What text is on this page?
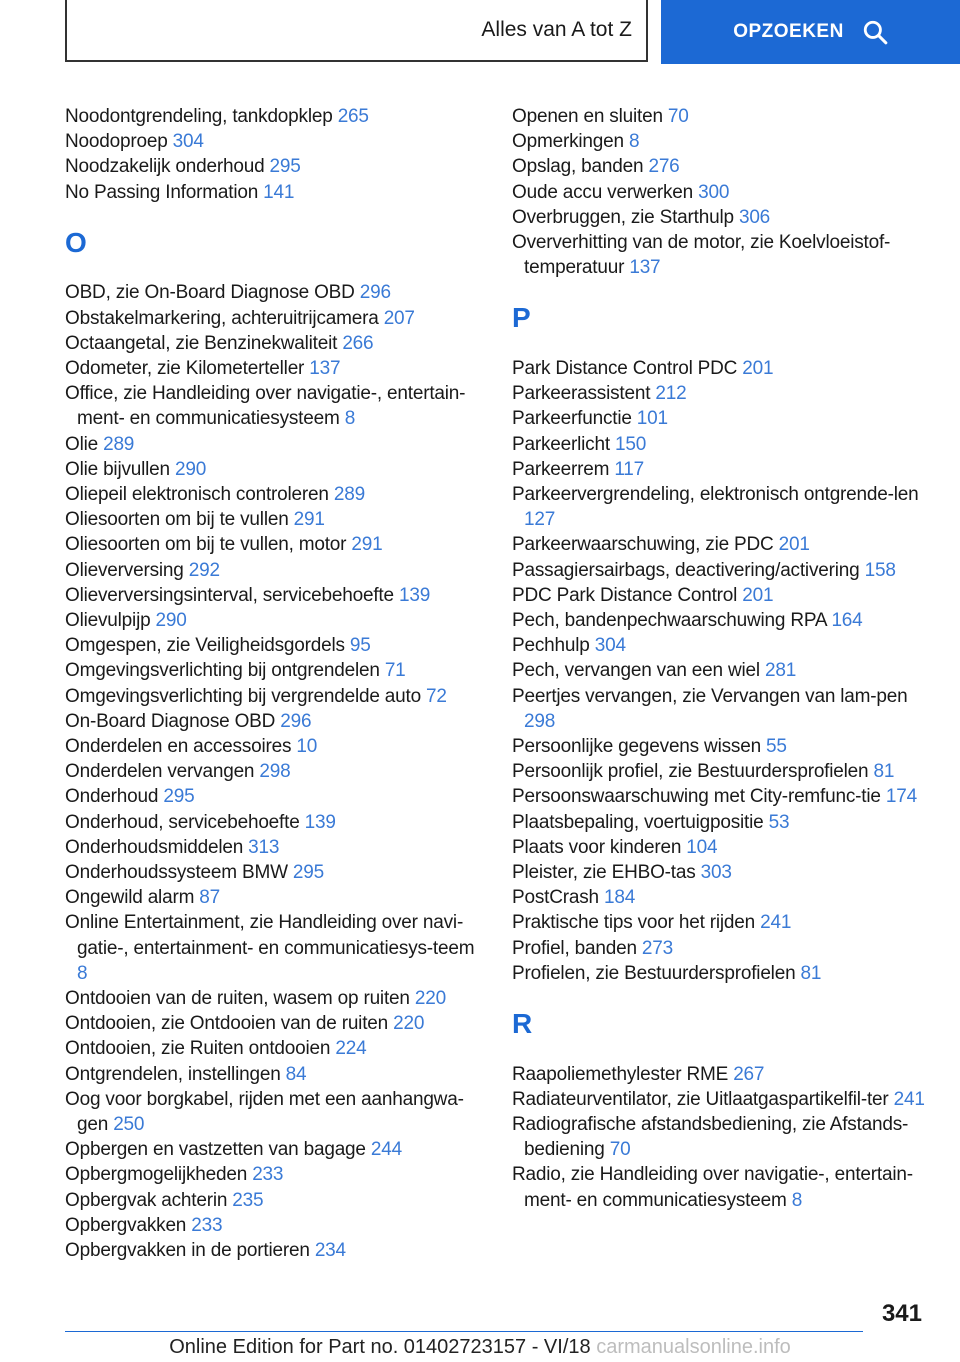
Alles van A tot Z	OPZOEKEN
Noodontgrendeling, tankdopklep 265
Noodoproep 304
Noodzakelijk onderhoud 295
No Passing Information 141
O
OBD, zie On-Board Diagnose OBD 296
Obstakelmarkering, achteruitrijcamera 207
Octaangetal, zie Benzinekwaliteit 266
Odometer, zie Kilometerteller 137
Office, zie Handleiding over navigatie-, entertain-ment- en communicatiesysteem 8
Olie 289
Olie bijvullen 290
Oliepeil elektronisch controleren 289
Oliesoorten om bij te vullen 291
Oliesoorten om bij te vullen, motor 291
Olieverversing 292
Olieverversingsinterval, servicebehoefte 139
Olievulpijp 290
Omgespen, zie Veiligheidsgordels 95
Omgevingsverlichting bij ontgrendelen 71
Omgevingsverlichting bij vergrendelde auto 72
On-Board Diagnose OBD 296
Onderdelen en accessoires 10
Onderdelen vervangen 298
Onderhoud 295
Onderhoud, servicebehoefte 139
Onderhoudsmiddelen 313
Onderhoudssysteem BMW 295
Ongewild alarm 87
Online Entertainment, zie Handleiding over navi-gatie-, entertainment- en communicatiesys-teem 8
Ontdooien van de ruiten, wasem op ruiten 220
Ontdooien, zie Ontdooien van de ruiten 220
Ontdooien, zie Ruiten ontdooien 224
Ontgrendelen, instellingen 84
Oog voor borgkabel, rijden met een aanhangwa-gen 250
Opbergen en vastzetten van bagage 244
Opbergmogelijkheden 233
Opbergvak achterin 235
Opbergvakken 233
Opbergvakken in de portieren 234
Openen en sluiten 70
Opmerkingen 8
Opslag, banden 276
Oude accu verwerken 300
Overbruggen, zie Starthulp 306
Oververhitting van de motor, zie Koelvloeistof-temperatuur 137
P
Park Distance Control PDC 201
Parkeerassistent 212
Parkeerfunctie 101
Parkeerlicht 150
Parkeerrem 117
Parkeervergrendeling, elektronisch ontgrende-len 127
Parkeerwaarschuwing, zie PDC 201
Passagiersairbags, deactivering/activering 158
PDC Park Distance Control 201
Pech, bandenpechwaarschuwing RPA 164
Pechhulp 304
Pech, vervangen van een wiel 281
Peertjes vervangen, zie Vervangen van lam-pen 298
Persoonlijke gegevens wissen 55
Persoonlijk profiel, zie Bestuurdersprofielen 81
Persoonswaarschuwing met City-remfunc-tie 174
Plaatsbepaling, voertuigpositie 53
Plaats voor kinderen 104
Pleister, zie EHBO-tas 303
PostCrash 184
Praktische tips voor het rijden 241
Profiel, banden 273
Profielen, zie Bestuurdersprofielen 81
R
Raapoliemethylester RME 267
Radiateurventilator, zie Uitlaatgaspartikelfil-ter 241
Radiografische afstandsbediening, zie Afstands-bediening 70
Radio, zie Handleiding over navigatie-, entertain-ment- en communicatiesysteem 8
341
Online Edition for Part no. 01402723157 - VI/18 carmanualsonline.info
